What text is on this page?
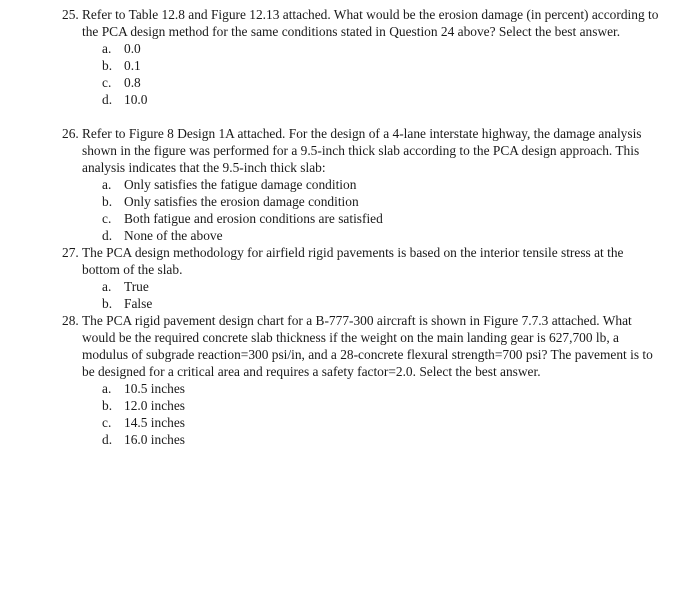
25. Refer to Table 12.8 and Figure 12.13 attached. What would be the erosion damage (in percent) according to the PCA design method for the same conditions stated in Question 24 above? Select the best answer.
a. 0.0
b. 0.1
c. 0.8
d. 10.0
26. Refer to Figure 8 Design 1A attached. For the design of a 4-lane interstate highway, the damage analysis shown in the figure was performed for a 9.5-inch thick slab according to the PCA design approach. This analysis indicates that the 9.5-inch thick slab:
a. Only satisfies the fatigue damage condition
b. Only satisfies the erosion damage condition
c. Both fatigue and erosion conditions are satisfied
d. None of the above
27. The PCA design methodology for airfield rigid pavements is based on the interior tensile stress at the bottom of the slab.
a. True
b. False
28. The PCA rigid pavement design chart for a B-777-300 aircraft is shown in Figure 7.7.3 attached. What would be the required concrete slab thickness if the weight on the main landing gear is 627,700 lb, a modulus of subgrade reaction=300 psi/in, and a 28-concrete flexural strength=700 psi? The pavement is to be designed for a critical area and requires a safety factor=2.0. Select the best answer.
a. 10.5 inches
b. 12.0 inches
c. 14.5 inches
d. 16.0 inches
